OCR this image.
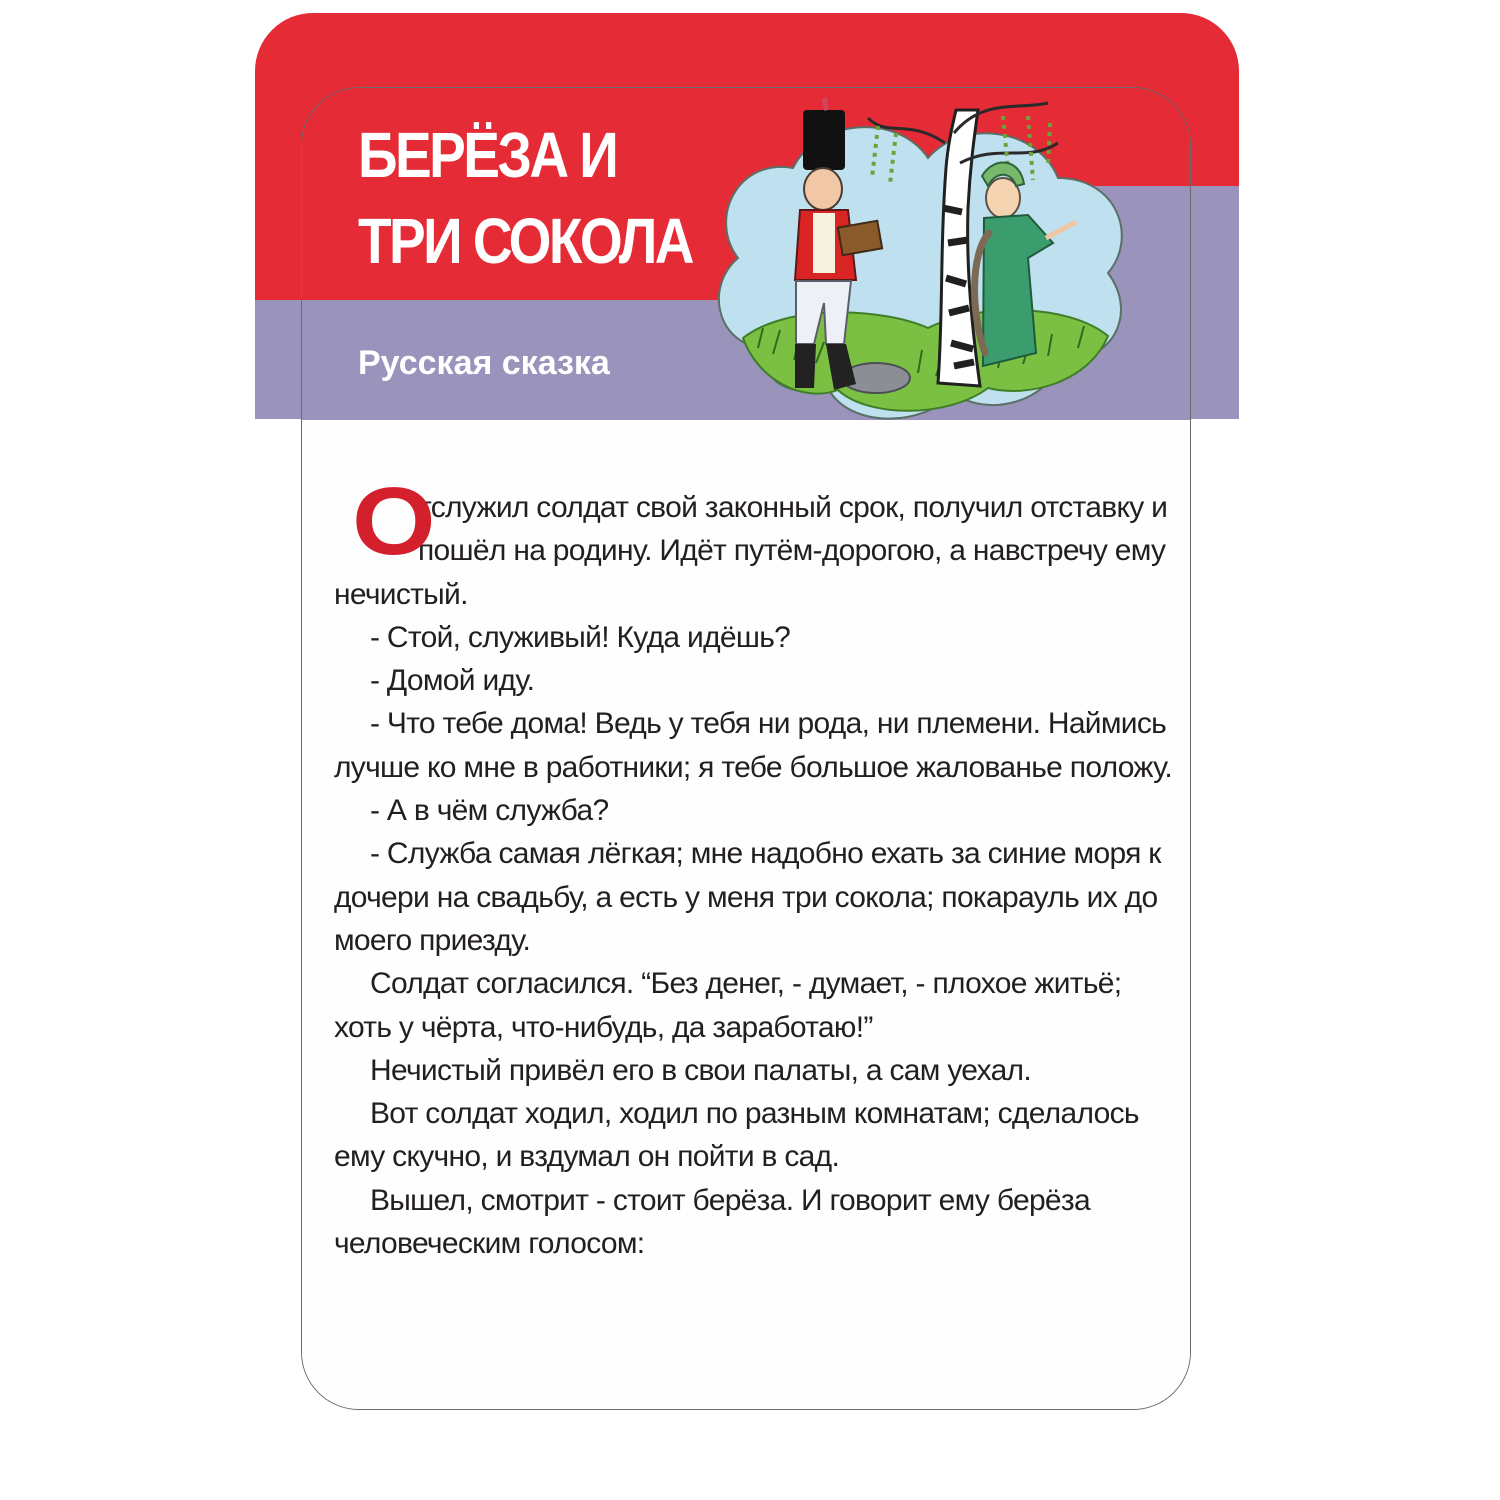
БЕРЁЗА И
ТРИ СОКОЛА
Русская сказка

О
тслужил солдат свой законный срок, получил отставку и пошёл на родину. Идёт путём-дорогою, а навстречу ему нечистый.

- Стой, служивый! Куда идёшь?

- Домой иду.

- Что тебе дома! Ведь у тебя ни рода, ни племени. Наймись лучше ко мне в работники; я тебе большое жалованье положу.

- А в чём служба?

- Служба самая лёгкая; мне надобно ехать за синие моря к дочери на свадьбу, а есть у меня три сокола; покарауль их до моего приезду.

Солдат согласился. “Без денег, - думает, - плохое житьё; хоть у чёрта, что-нибудь, да заработаю!”

Нечистый привёл его в свои палаты, а сам уехал.

Вот солдат ходил, ходил по разным комнатам; сделалось ему скучно, и вздумал он пойти в сад.

Вышел, смотрит - стоит берёза. И говорит ему берёза человеческим голосом:
